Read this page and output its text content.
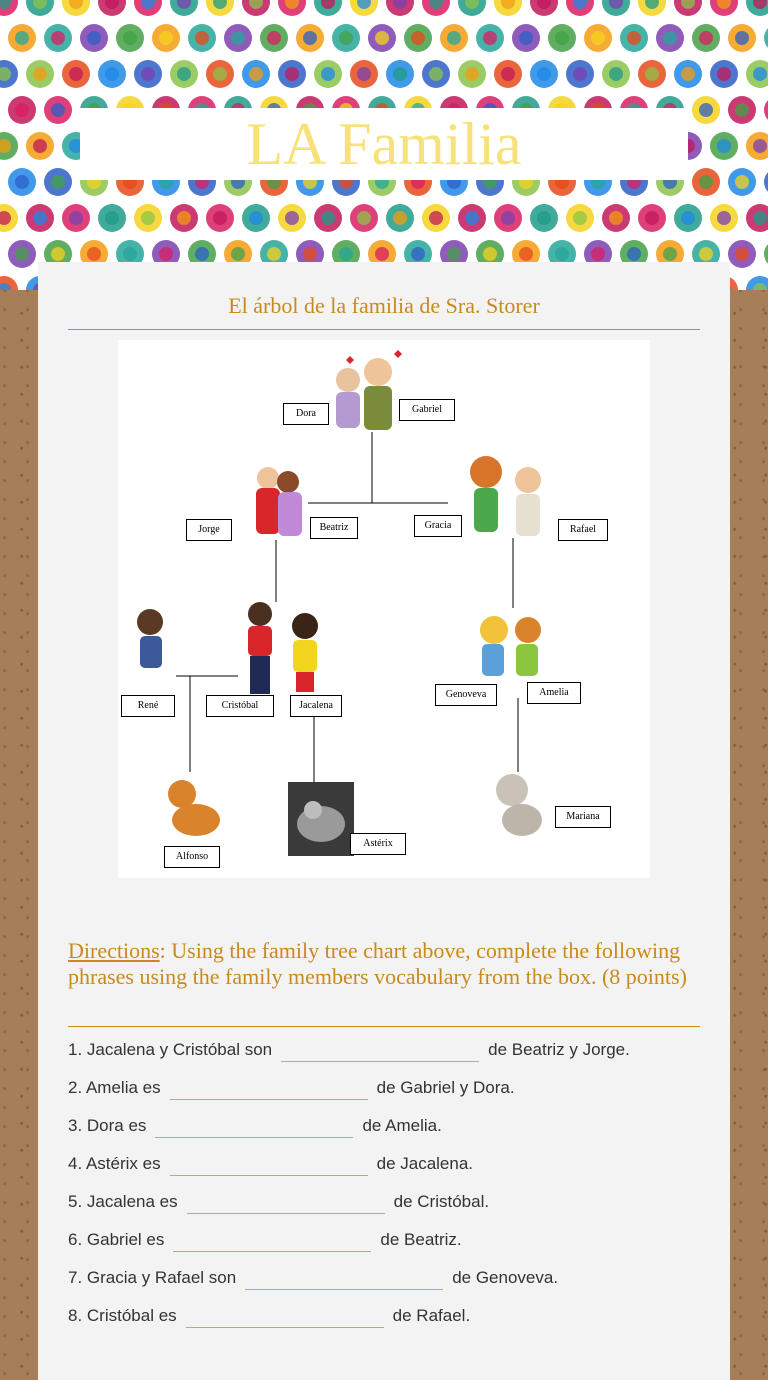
LA Familia
El árbol de la familia de Sra. Storer
Dora	Gabriel
Jorge	Beatriz	Gracia	Rafael
René	Cristóbal	Jacalena
Genoveva	Amelia
Alfonso
Astérix
Mariana
Directions: Using the family tree chart above, complete the following phrases using the family members vocabulary from the box. (8 points)
1. Jacalena y Cristóbal son	de Beatriz y Jorge.
2. Amelia es	de Gabriel y Dora.
3. Dora es	de Amelia.
4. Astérix es	de Jacalena.
5. Jacalena es	de Cristóbal.
6. Gabriel es	de Beatriz.
7. Gracia y Rafael son	de Genoveva.
8. Cristóbal es	de Rafael.
